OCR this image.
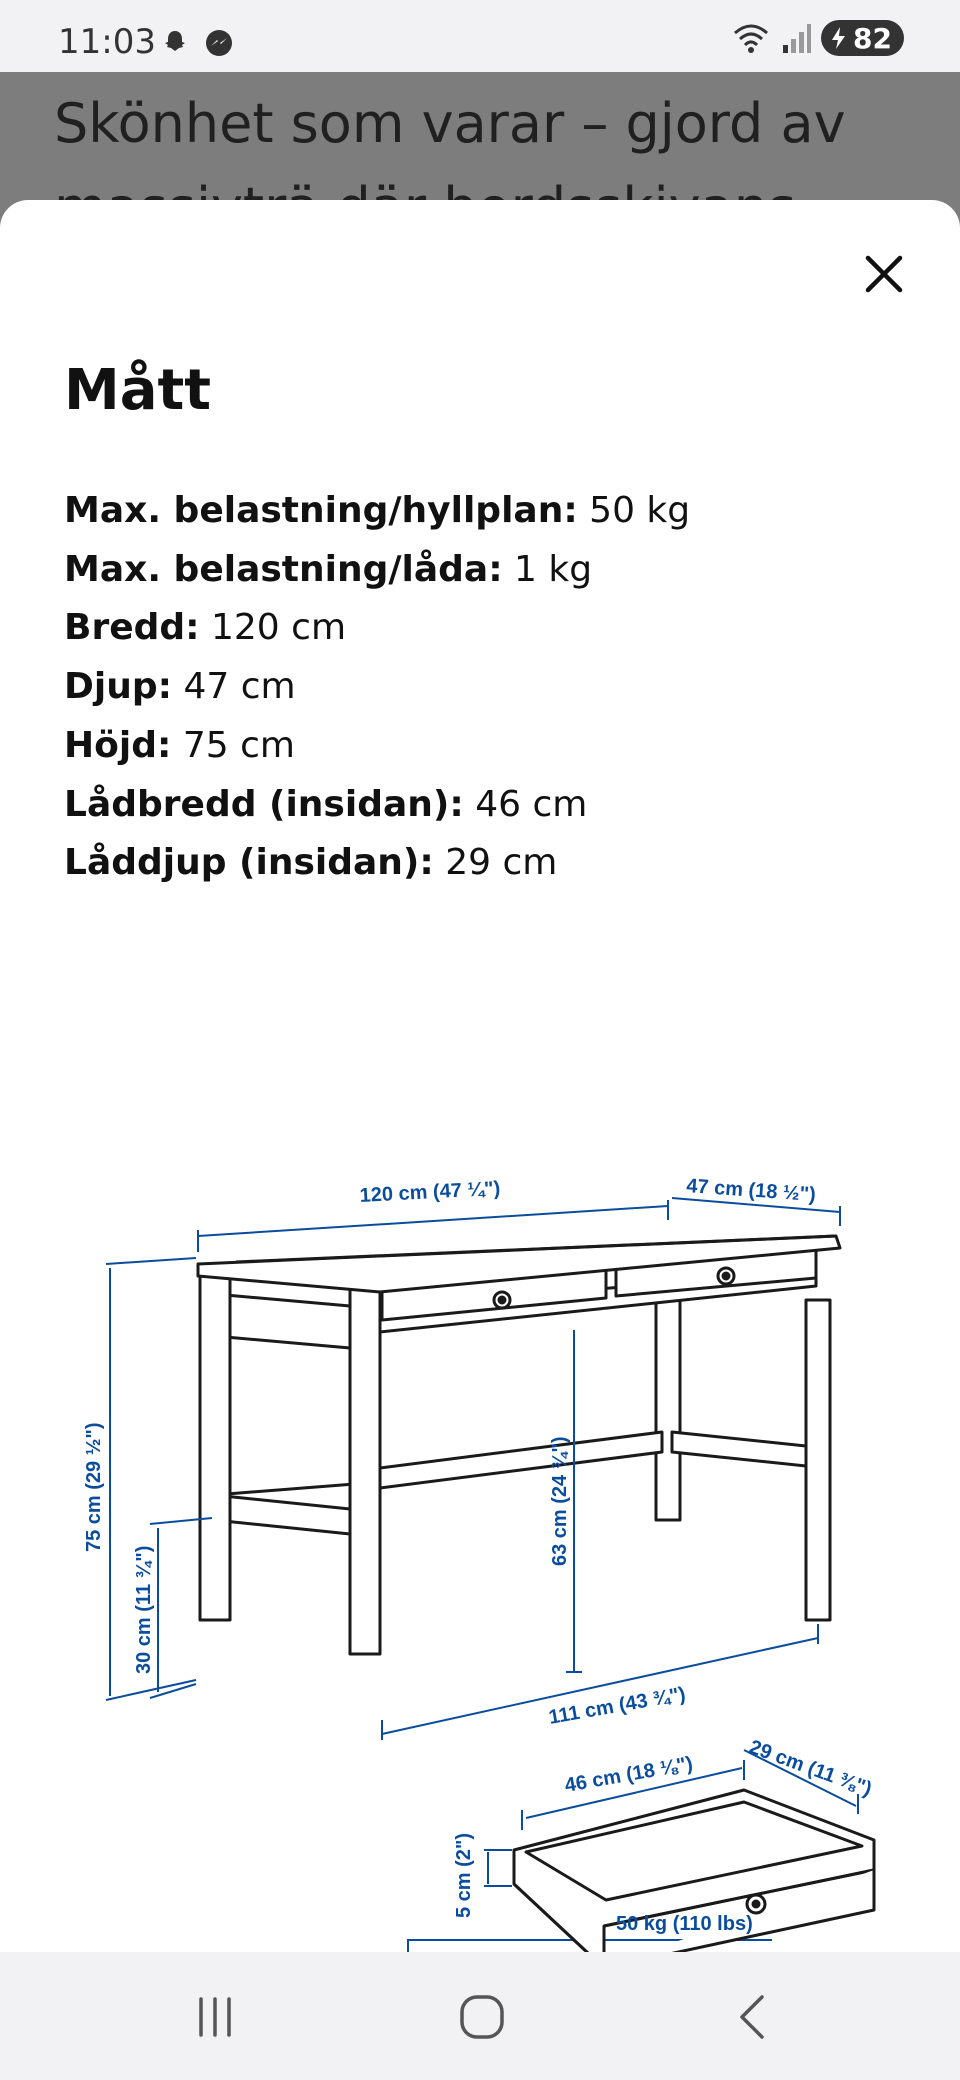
11:03	82
Skönhet som varar – gjord av
Mått
Max. belastning/hyllplan: 50 kg
Max. belastning/låda: 1 kg
Bredd: 120 cm
Djup: 47 cm
Höjd: 75 cm
Lådbredd (insidan): 46 cm
Låddjup (insidan): 29 cm
120 cm (47 ¼")	47 cm (18 ½")
75 cm (29 ½")
30 cm (11 ¾")
63 cm (24 ¾")
111 cm (43 ¾")
46 cm (18 ⅛")	29 cm (11 ⅜")
5 cm (2")
50 kg (110 lbs)
